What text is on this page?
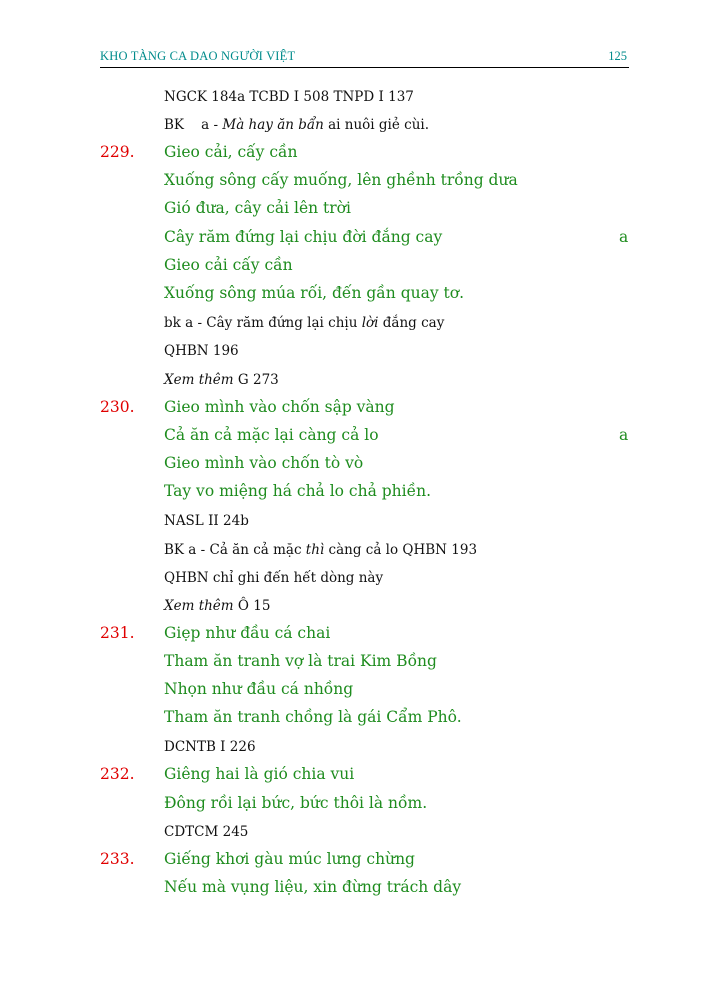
KHO TÀNG CA DAO NGƯỜI VIỆT	125
NGCK 184a TCBD I 508 TNPD I 137
BK    a - Mà hay ăn bẩn ai nuôi giẻ cùi.
229. Gieo cải, cấy cần
Xuống sông cấy muống, lên ghềnh trồng dưa
Gió đưa, cây cải lên trời
Cây răm đứng lại chịu đời đắng cay	a
Gieo cải cấy cần
Xuống sông múa rối, đến gần quay tơ.
bk a - Cây răm đứng lại chịu lời đắng cay
QHBN 196
Xem thêm G 273
230. Gieo mình vào chốn sập vàng
Cả ăn cả mặc lại càng cả lo	a
Gieo mình vào chốn tò vò
Tay vo miệng há chả lo chả phiền.
NASL II 24b
BK a - Cả ăn cả mặc thì càng cả lo QHBN 193
QHBN chỉ ghi đến hết dòng này
Xem thêm Ô 15
231. Giẹp như đầu cá chai
Tham ăn tranh vợ là trai Kim Bồng
Nhọn như đầu cá nhồng
Tham ăn tranh chồng là gái Cẩm Phô.
DCNTB I 226
232. Giêng hai là gió chia vui
Đông rồi lại bức, bức thôi là nồm.
CDTCM 245
233. Giếng khơi gàu múc lưng chừng
Nếu mà vụng liệu, xin đừng trách dây
